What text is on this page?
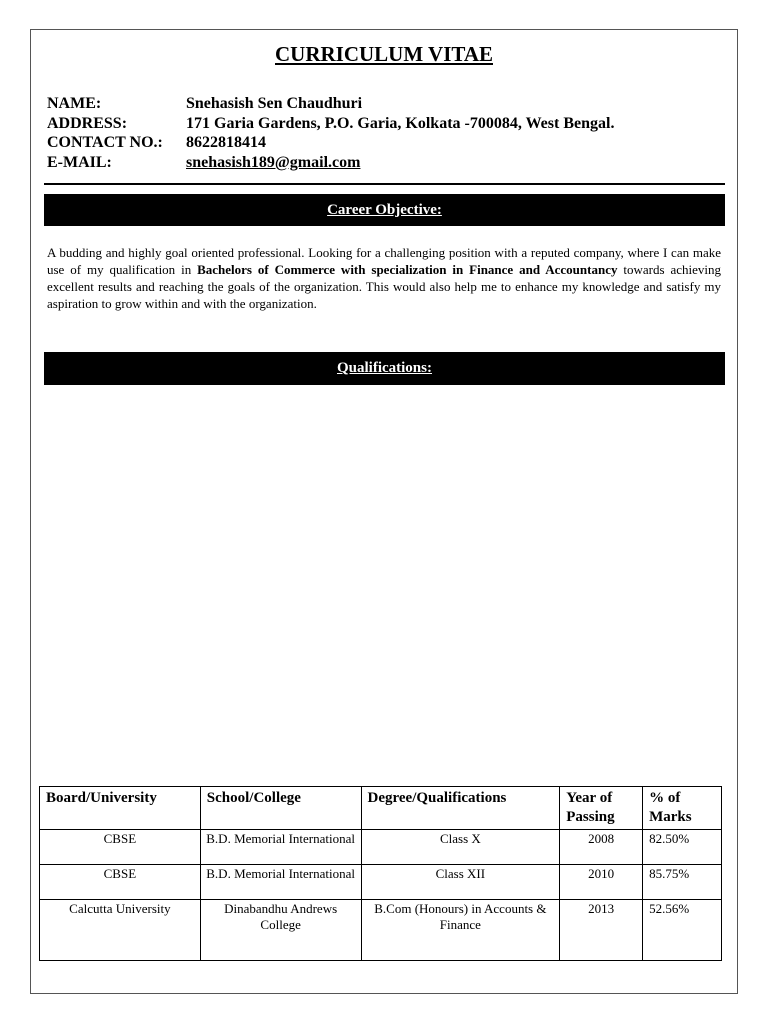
CURRICULUM VITAE
NAME:	Snehasish Sen Chaudhuri
ADDRESS:	171 Garia Gardens, P.O. Garia, Kolkata -700084, West Bengal.
CONTACT NO.:	8622818414
E-MAIL:	snehasish189@gmail.com
Career Objective:
A budding and highly goal oriented professional. Looking for a challenging position with a reputed company, where I can make use of my qualification in Bachelors of Commerce with specialization in Finance and Accountancy towards achieving excellent results and reaching the goals of the organization. This would also help me to enhance my knowledge and satisfy my aspiration to grow within and with the organization.
Qualifications:
Board/University	School/College	Degree/Qualifications	Year of Passing	% of Marks
CBSE	B.D. Memorial International	Class X	2008	82.50%
CBSE	B.D. Memorial International	Class XII	2010	85.75%
Calcutta University	Dinabandhu Andrews College	B.Com (Honours) in Accounts & Finance	2013	52.56%
